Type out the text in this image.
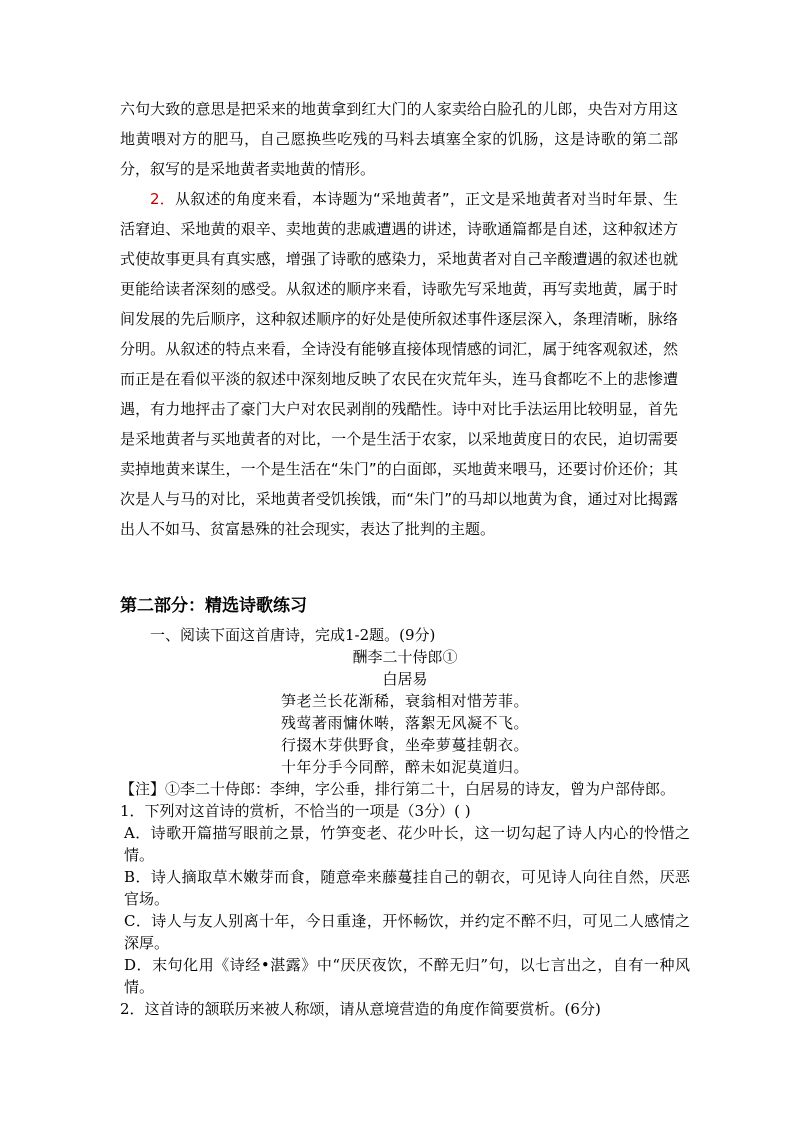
六句大致的意思是把采来的地黄拿到红大门的人家卖给白脸孔的儿郎，央告对方用这地黄喂对方的肥马，自己愿换些吃残的马料去填塞全家的饥肠，这是诗歌的第二部分，叙写的是采地黄者卖地黄的情形。

2．从叙述的角度来看，本诗题为“采地黄者”，正文是采地黄者对当时年景、生活窘迫、采地黄的艰辛、卖地黄的悲戚遭遇的讲述，诗歌通篇都是自述，这种叙述方式使故事更具有真实感，增强了诗歌的感染力，采地黄者对自己辛酸遭遇的叙述也就更能给读者深刻的感受。从叙述的顺序来看，诗歌先写采地黄，再写卖地黄，属于时间发展的先后顺序，这种叙述顺序的好处是使所叙述事件逐层深入，条理清晰，脉络分明。从叙述的特点来看，全诗没有能够直接体现情感的词汇，属于纯客观叙述，然而正是在看似平淡的叙述中深刻地反映了农民在灾荒年头，连马食都吃不上的悲惨遭遇，有力地抨击了豪门大户对农民剥削的残酷性。诗中对比手法运用比较明显，首先是采地黄者与买地黄者的对比，一个是生活于农家，以采地黄度日的农民，迫切需要卖掉地黄来谋生，一个是生活在“朱门”的白面郎，买地黄来喂马，还要讨价还价；其次是人与马的对比，采地黄者受饥挨饿，而“朱门”的马却以地黄为食，通过对比揭露出人不如马、贫富悬殊的社会现实，表达了批判的主题。

第二部分：精选诗歌练习

一、阅读下面这首唐诗，完成1-2题。(9分)

酬李二十侍郎①

白居易

笋老兰长花渐稀，衰翁相对惜芳菲。

残莺著雨慵休啭，落絮无风凝不飞。

行掇木芽供野食，坐牵萝蔓挂朝衣。

十年分手今同醉，醉未如泥莫道归。

【注】①李二十侍郎：李绅，字公垂，排行第二十，白居易的诗友，曾为户部侍郎。

1．下列对这首诗的赏析，不恰当的一项是（3分）( )

A．诗歌开篇描写眼前之景，竹笋变老、花少叶长，这一切勾起了诗人内心的怜惜之情。

B．诗人摘取草木嫩芽而食，随意牵来藤蔓挂自己的朝衣，可见诗人向往自然，厌恶官场。

C．诗人与友人别离十年，今日重逢，开怀畅饮，并约定不醉不归，可见二人感情之深厚。

D．末句化用《诗经•湛露》中“厌厌夜饮，不醉无归”句，以七言出之，自有一种风情。

2．这首诗的颔联历来被人称颂，请从意境营造的角度作简要赏析。(6分)
